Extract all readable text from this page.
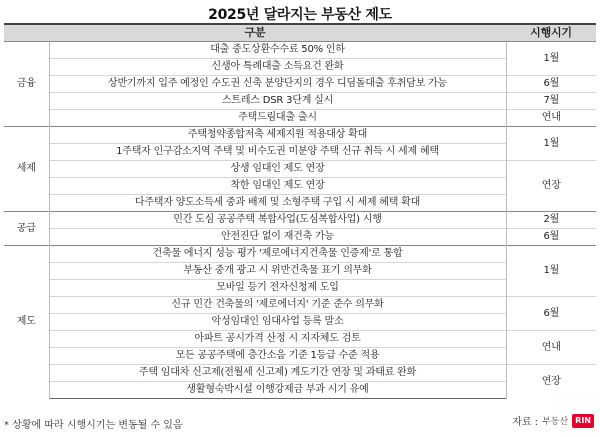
2025년 달라지는 부동산 제도
구분		시행시기
금융	대출 중도상환수수료 50% 인하	1월
	신생아 특례대출 소득요건 완화	
	상반기까지 입주 예정인 수도권 신축 분양단지의 경우 디딤돌대출 후취담보 가능	6월
	스트레스 DSR 3단계 실시	7월
	주택드림대출 출시	연내
세제	주택청약종합저축 세제지원 적용대상 확대	1월
	1주택자 인구감소지역 주택 및 비수도권 미분양 주택 신규 취득 시 세제 혜택	
	상생 임대인 제도 연장	연장
	착한 임대인 제도 연장	
	다주택자 양도소득세 중과 배제 및 소형주택 구입 시 세제 혜택 확대	
공급	민간 도심 공공주택 복합사업(도심복합사업) 시행	2월
	안전진단 없이 재건축 가능	6월
제도	건축물 에너지 성능 평가 '제로에너지건축물 인증제'로 통합	1월
	부동산 중개 광고 시 위반건축물 표기 의무화	
	모바일 등기 전자신청제 도입	
	신규 민간 건축물의 '제로에너지' 기준 준수 의무화	6월
	악성임대인 임대사업 등록 말소	
	아파트 공시가격 산정 시 지자체도 검토	연내
	모든 공공주택에 층간소음 기준 1등급 수준 적용	
	주택 임대차 신고제(전월세 신고제) 계도기간 연장 및 과태료 완화	연장
	생활형숙박시설 이행강제금 부과 시기 유예	
* 상황에 따라 시행시기는 변동될 수 있음	자료 : 부동산 RIN
